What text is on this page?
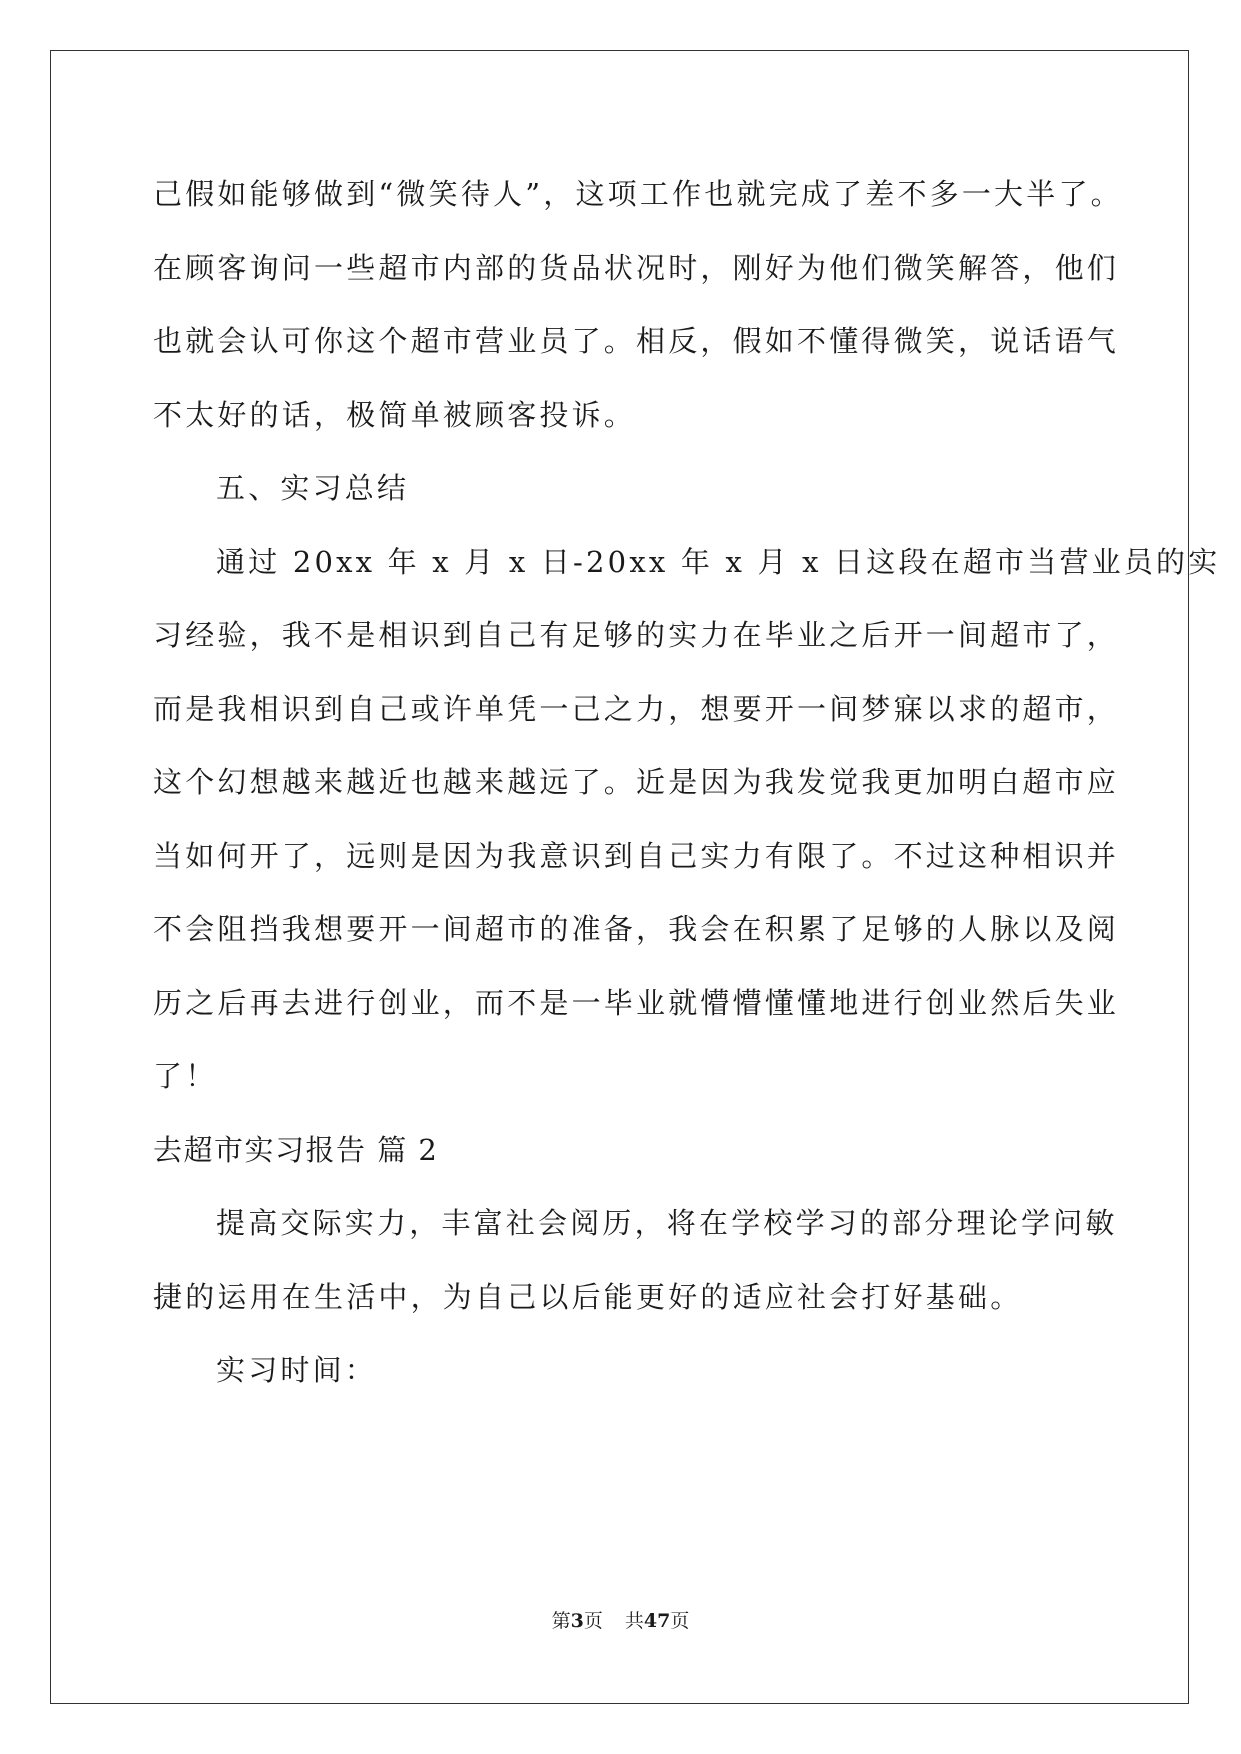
己假如能够做到“微笑待人”，这项工作也就完成了差不多一大半了。
在顾客询问一些超市内部的货品状况时，刚好为他们微笑解答，他们
也就会认可你这个超市营业员了。相反，假如不懂得微笑，说话语气
不太好的话，极简单被顾客投诉。
五、实习总结
通过 20xx 年 x 月 x 日-20xx 年 x 月 x 日这段在超市当营业员的实
习经验，我不是相识到自己有足够的实力在毕业之后开一间超市了，
而是我相识到自己或许单凭一己之力，想要开一间梦寐以求的超市，
这个幻想越来越近也越来越远了。近是因为我发觉我更加明白超市应
当如何开了，远则是因为我意识到自己实力有限了。不过这种相识并
不会阻挡我想要开一间超市的准备，我会在积累了足够的人脉以及阅
历之后再去进行创业，而不是一毕业就懵懵懂懂地进行创业然后失业
了！
去超市实习报告 篇 2
提高交际实力，丰富社会阅历，将在学校学习的部分理论学问敏
捷的运用在生活中，为自己以后能更好的适应社会打好基础。
实习时间：
第3页 共47页
